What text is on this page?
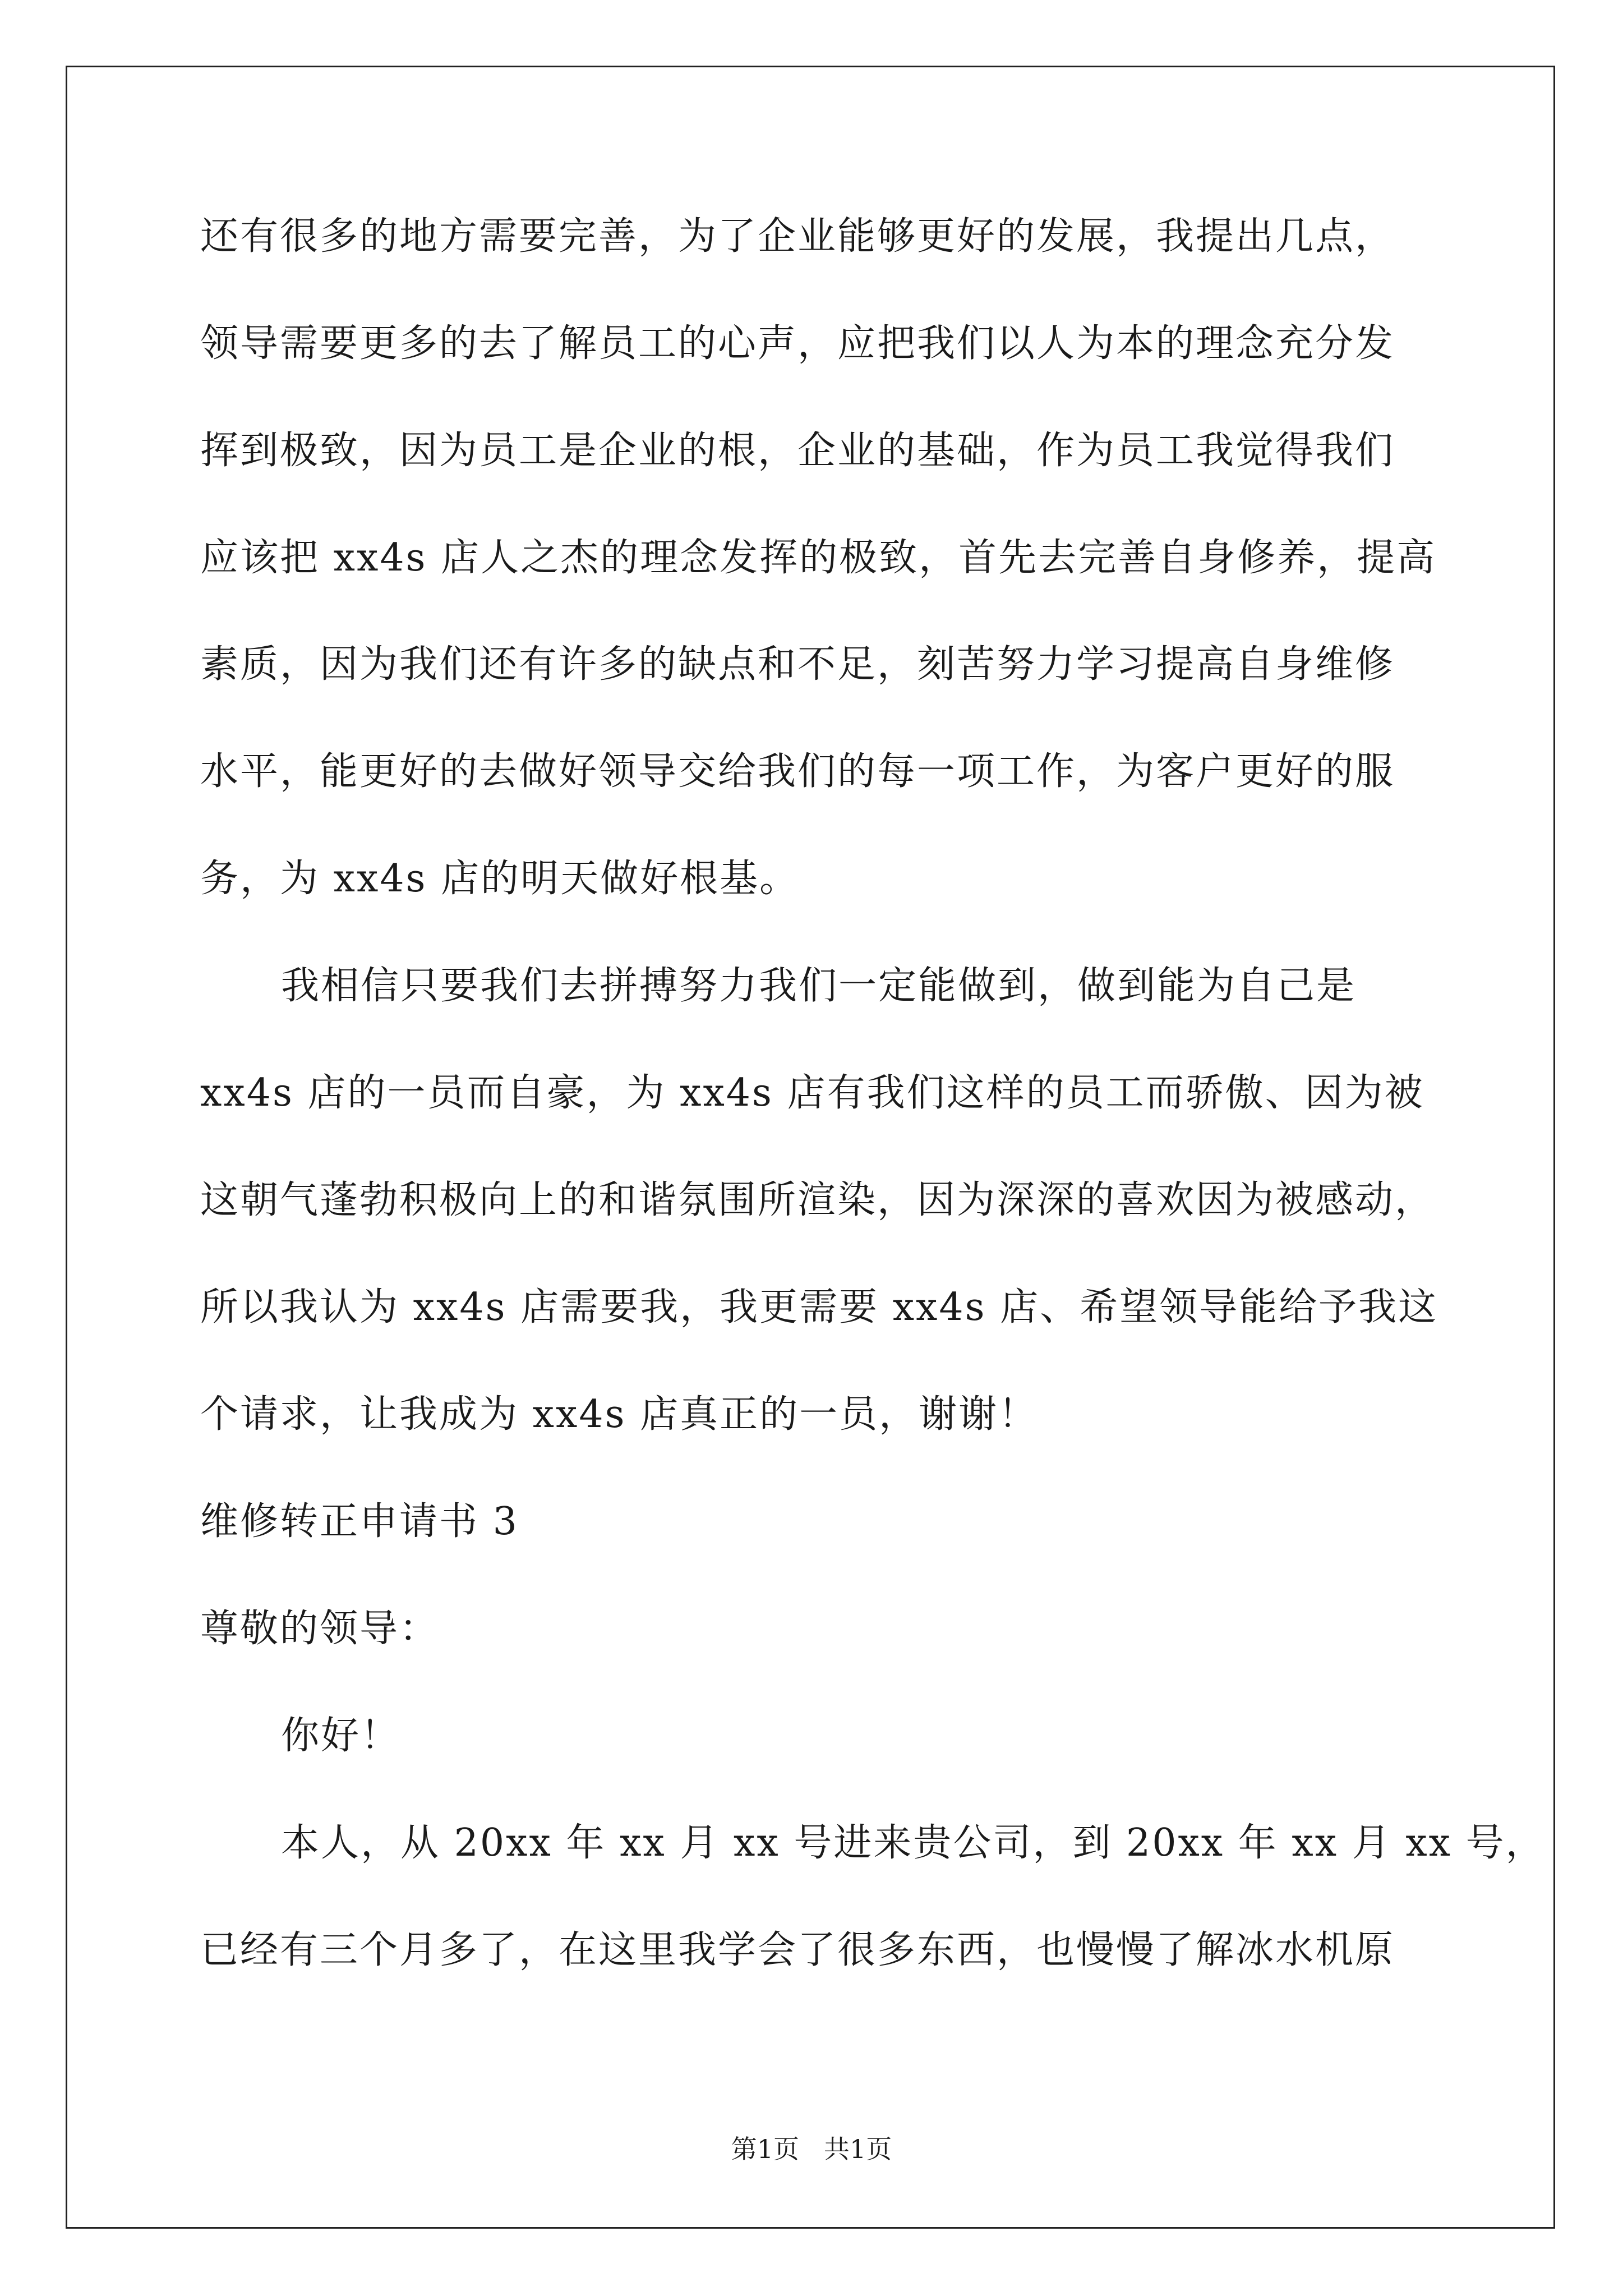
还有很多的地方需要完善，为了企业能够更好的发展，我提出几点，
领导需要更多的去了解员工的心声，应把我们以人为本的理念充分发
挥到极致，因为员工是企业的根，企业的基础，作为员工我觉得我们
应该把 xx4s 店人之杰的理念发挥的极致，首先去完善自身修养，提高
素质，因为我们还有许多的缺点和不足，刻苦努力学习提高自身维修
水平，能更好的去做好领导交给我们的每一项工作，为客户更好的服
务，为 xx4s 店的明天做好根基。
我相信只要我们去拼搏努力我们一定能做到，做到能为自己是
xx4s 店的一员而自豪，为 xx4s 店有我们这样的员工而骄傲、因为被
这朝气蓬勃积极向上的和谐氛围所渲染，因为深深的喜欢因为被感动，
所以我认为 xx4s 店需要我，我更需要 xx4s 店、希望领导能给予我这
个请求，让我成为 xx4s 店真正的一员，谢谢！
维修转正申请书 3
尊敬的领导：
你好！
本人，从 20xx 年 xx 月 xx 号进来贵公司，到 20xx 年 xx 月 xx 号，
已经有三个月多了，在这里我学会了很多东西，也慢慢了解冰水机原
第1页 共1页
